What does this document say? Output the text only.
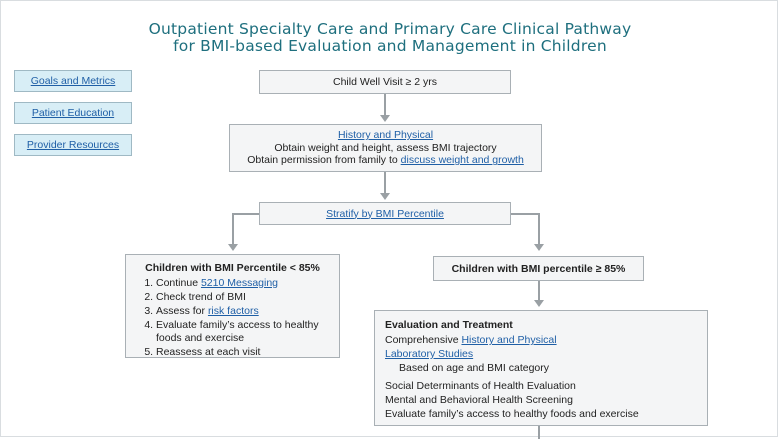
Outpatient Specialty Care and Primary Care Clinical Pathway
for BMI-based Evaluation and Management in Children
Goals and Metrics
Patient Education
Provider Resources
Child Well Visit ≥ 2 yrs
History and Physical
Obtain weight and height, assess BMI trajectory
Obtain permission from family to discuss weight and growth
Stratify by BMI Percentile
Children with BMI Percentile < 85%
1. Continue 5210 Messaging
2. Check trend of BMI
3. Assess for risk factors
4. Evaluate family’s access to healthy foods and exercise
5. Reassess at each visit
Children with BMI percentile ≥ 85%
Evaluation and Treatment
Comprehensive History and Physical
Laboratory Studies
Based on age and BMI category
Social Determinants of Health Evaluation
Mental and Behavioral Health Screening
Evaluate family’s access to healthy foods and exercise
